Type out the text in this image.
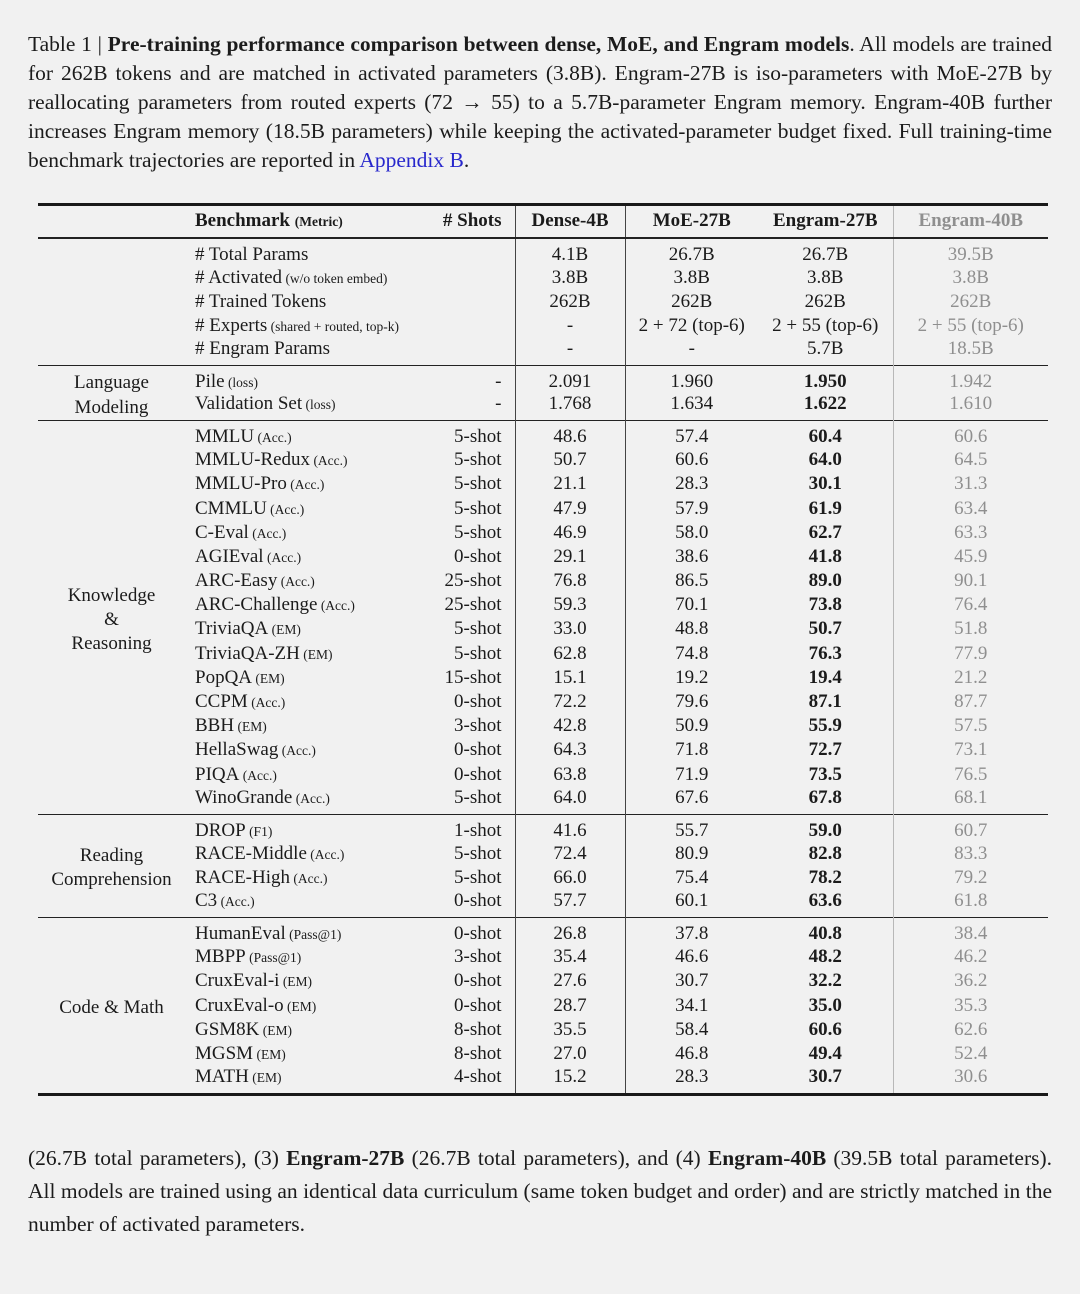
Table 1 | Pre-training performance comparison between dense, MoE, and Engram models. All models are trained for 262B tokens and are matched in activated parameters (3.8B). Engram-27B is iso-parameters with MoE-27B by reallocating parameters from routed experts (72 → 55) to a 5.7B-parameter Engram memory. Engram-40B further increases Engram memory (18.5B parameters) while keeping the activated-parameter budget fixed. Full training-time benchmark trajectories are reported in Appendix B.

	Benchmark (Metric)	# Shots	Dense-4B	MoE-27B	Engram-27B	Engram-40B
	# Total Params		4.1B	26.7B	26.7B	39.5B
	# Activated (w/o token embed)		3.8B	3.8B	3.8B	3.8B
	# Trained Tokens		262B	262B	262B	262B
	# Experts (shared + routed, top-k)		-	2 + 72 (top-6)	2 + 55 (top-6)	2 + 55 (top-6)
	# Engram Params		-	-	5.7B	18.5B

Language
Modeling	Pile (loss)	-	2.091	1.960	1.950	1.942
	Validation Set (loss)	-	1.768	1.634	1.622	1.610

Knowledge
&
Reasoning	MMLU (Acc.)	5-shot	48.6	57.4	60.4	60.6
	MMLU-Redux (Acc.)	5-shot	50.7	60.6	64.0	64.5
	MMLU-Pro (Acc.)	5-shot	21.1	28.3	30.1	31.3
	CMMLU (Acc.)	5-shot	47.9	57.9	61.9	63.4
	C-Eval (Acc.)	5-shot	46.9	58.0	62.7	63.3
	AGIEval (Acc.)	0-shot	29.1	38.6	41.8	45.9
	ARC-Easy (Acc.)	25-shot	76.8	86.5	89.0	90.1
	ARC-Challenge (Acc.)	25-shot	59.3	70.1	73.8	76.4
	TriviaQA (EM)	5-shot	33.0	48.8	50.7	51.8
	TriviaQA-ZH (EM)	5-shot	62.8	74.8	76.3	77.9
	PopQA (EM)	15-shot	15.1	19.2	19.4	21.2
	CCPM (Acc.)	0-shot	72.2	79.6	87.1	87.7
	BBH (EM)	3-shot	42.8	50.9	55.9	57.5
	HellaSwag (Acc.)	0-shot	64.3	71.8	72.7	73.1
	PIQA (Acc.)	0-shot	63.8	71.9	73.5	76.5
	WinoGrande (Acc.)	5-shot	64.0	67.6	67.8	68.1

Reading
Comprehension	DROP (F1)	1-shot	41.6	55.7	59.0	60.7
	RACE-Middle (Acc.)	5-shot	72.4	80.9	82.8	83.3
	RACE-High (Acc.)	5-shot	66.0	75.4	78.2	79.2
	C3 (Acc.)	0-shot	57.7	60.1	63.6	61.8

Code & Math	HumanEval (Pass@1)	0-shot	26.8	37.8	40.8	38.4
	MBPP (Pass@1)	3-shot	35.4	46.6	48.2	46.2
	CruxEval-i (EM)	0-shot	27.6	30.7	32.2	36.2
	CruxEval-o (EM)	0-shot	28.7	34.1	35.0	35.3
	GSM8K (EM)	8-shot	35.5	58.4	60.6	62.6
	MGSM (EM)	8-shot	27.0	46.8	49.4	52.4
	MATH (EM)	4-shot	15.2	28.3	30.7	30.6

(26.7B total parameters), (3) Engram-27B (26.7B total parameters), and (4) Engram-40B (39.5B total parameters). All models are trained using an identical data curriculum (same token budget and order) and are strictly matched in the number of activated parameters.
